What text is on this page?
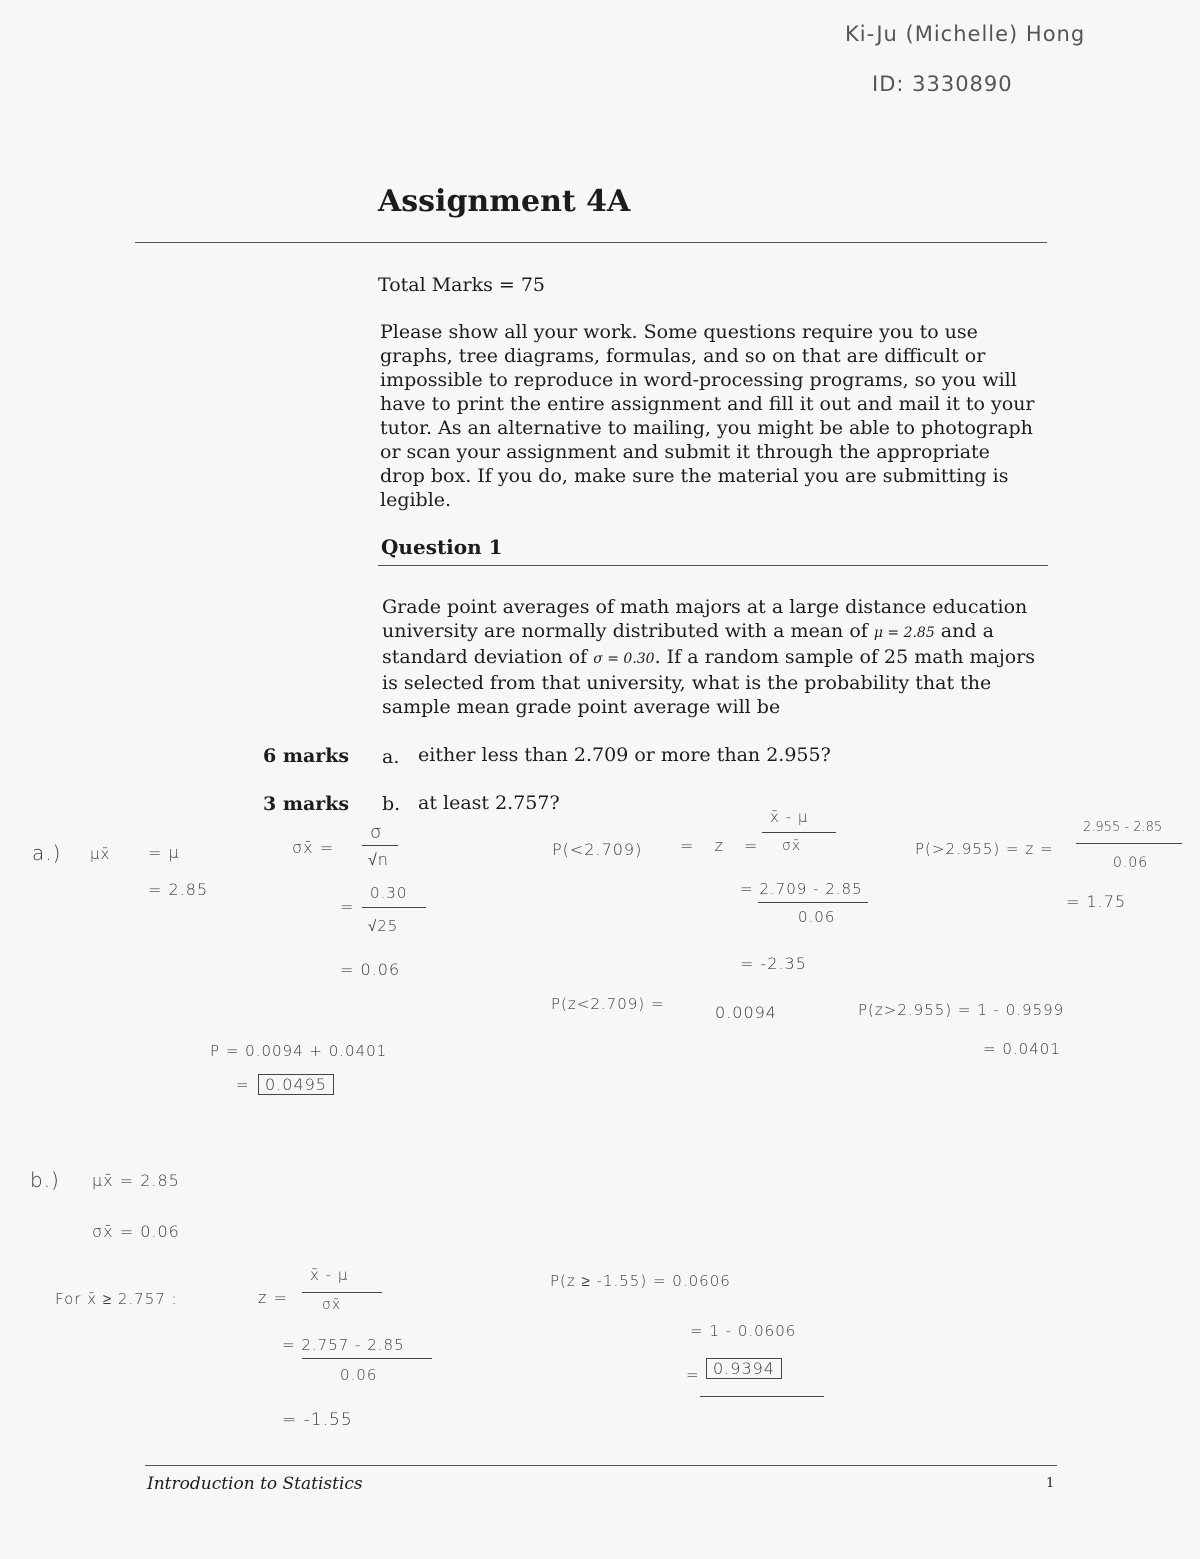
Ki-Ju (Michelle) Hong
ID: 3330890
Assignment 4A
Total Marks = 75
Please show all your work. Some questions require you to use graphs, tree diagrams, formulas, and so on that are difficult or impossible to reproduce in word-processing programs, so you will have to print the entire assignment and fill it out and mail it to your tutor. As an alternative to mailing, you might be able to photograph or scan your assignment and submit it through the appropriate drop box. If you do, make sure the material you are submitting is legible.
Question 1
Grade point averages of math majors at a large distance education university are normally distributed with a mean of μ = 2.85 and a standard deviation of σ = 0.30. If a random sample of 25 math majors is selected from that university, what is the probability that the sample mean grade point average will be
6 marks a. either less than 2.709 or more than 2.955?
3 marks b. at least 2.757?
a.) μx̄ = μ
= 2.85
σx̄ =
σ
√n
=
0.30
√25
= 0.06
P(<2.709) = z =
x̄ - μ
σx̄
= 2.709 - 2.85
0.06
= -2.35
P(>2.955) = z =
2.955 - 2.85
0.06
= 1.75
P(z<2.709) =	0.0094	P(z>2.955) = 1 - 0.9599
= 0.0401
P = 0.0094 + 0.0401
= 0.0495
b.) μx̄ = 2.85
σx̄ = 0.06
For x̄ ≥ 2.757 :	z =
x̄ - μ
σx̄
= 2.757 - 2.85
0.06
= -1.55
P(z ≥ -1.55) = 0.0606
= 1 - 0.0606
= 0.9394
Introduction to Statistics	1
